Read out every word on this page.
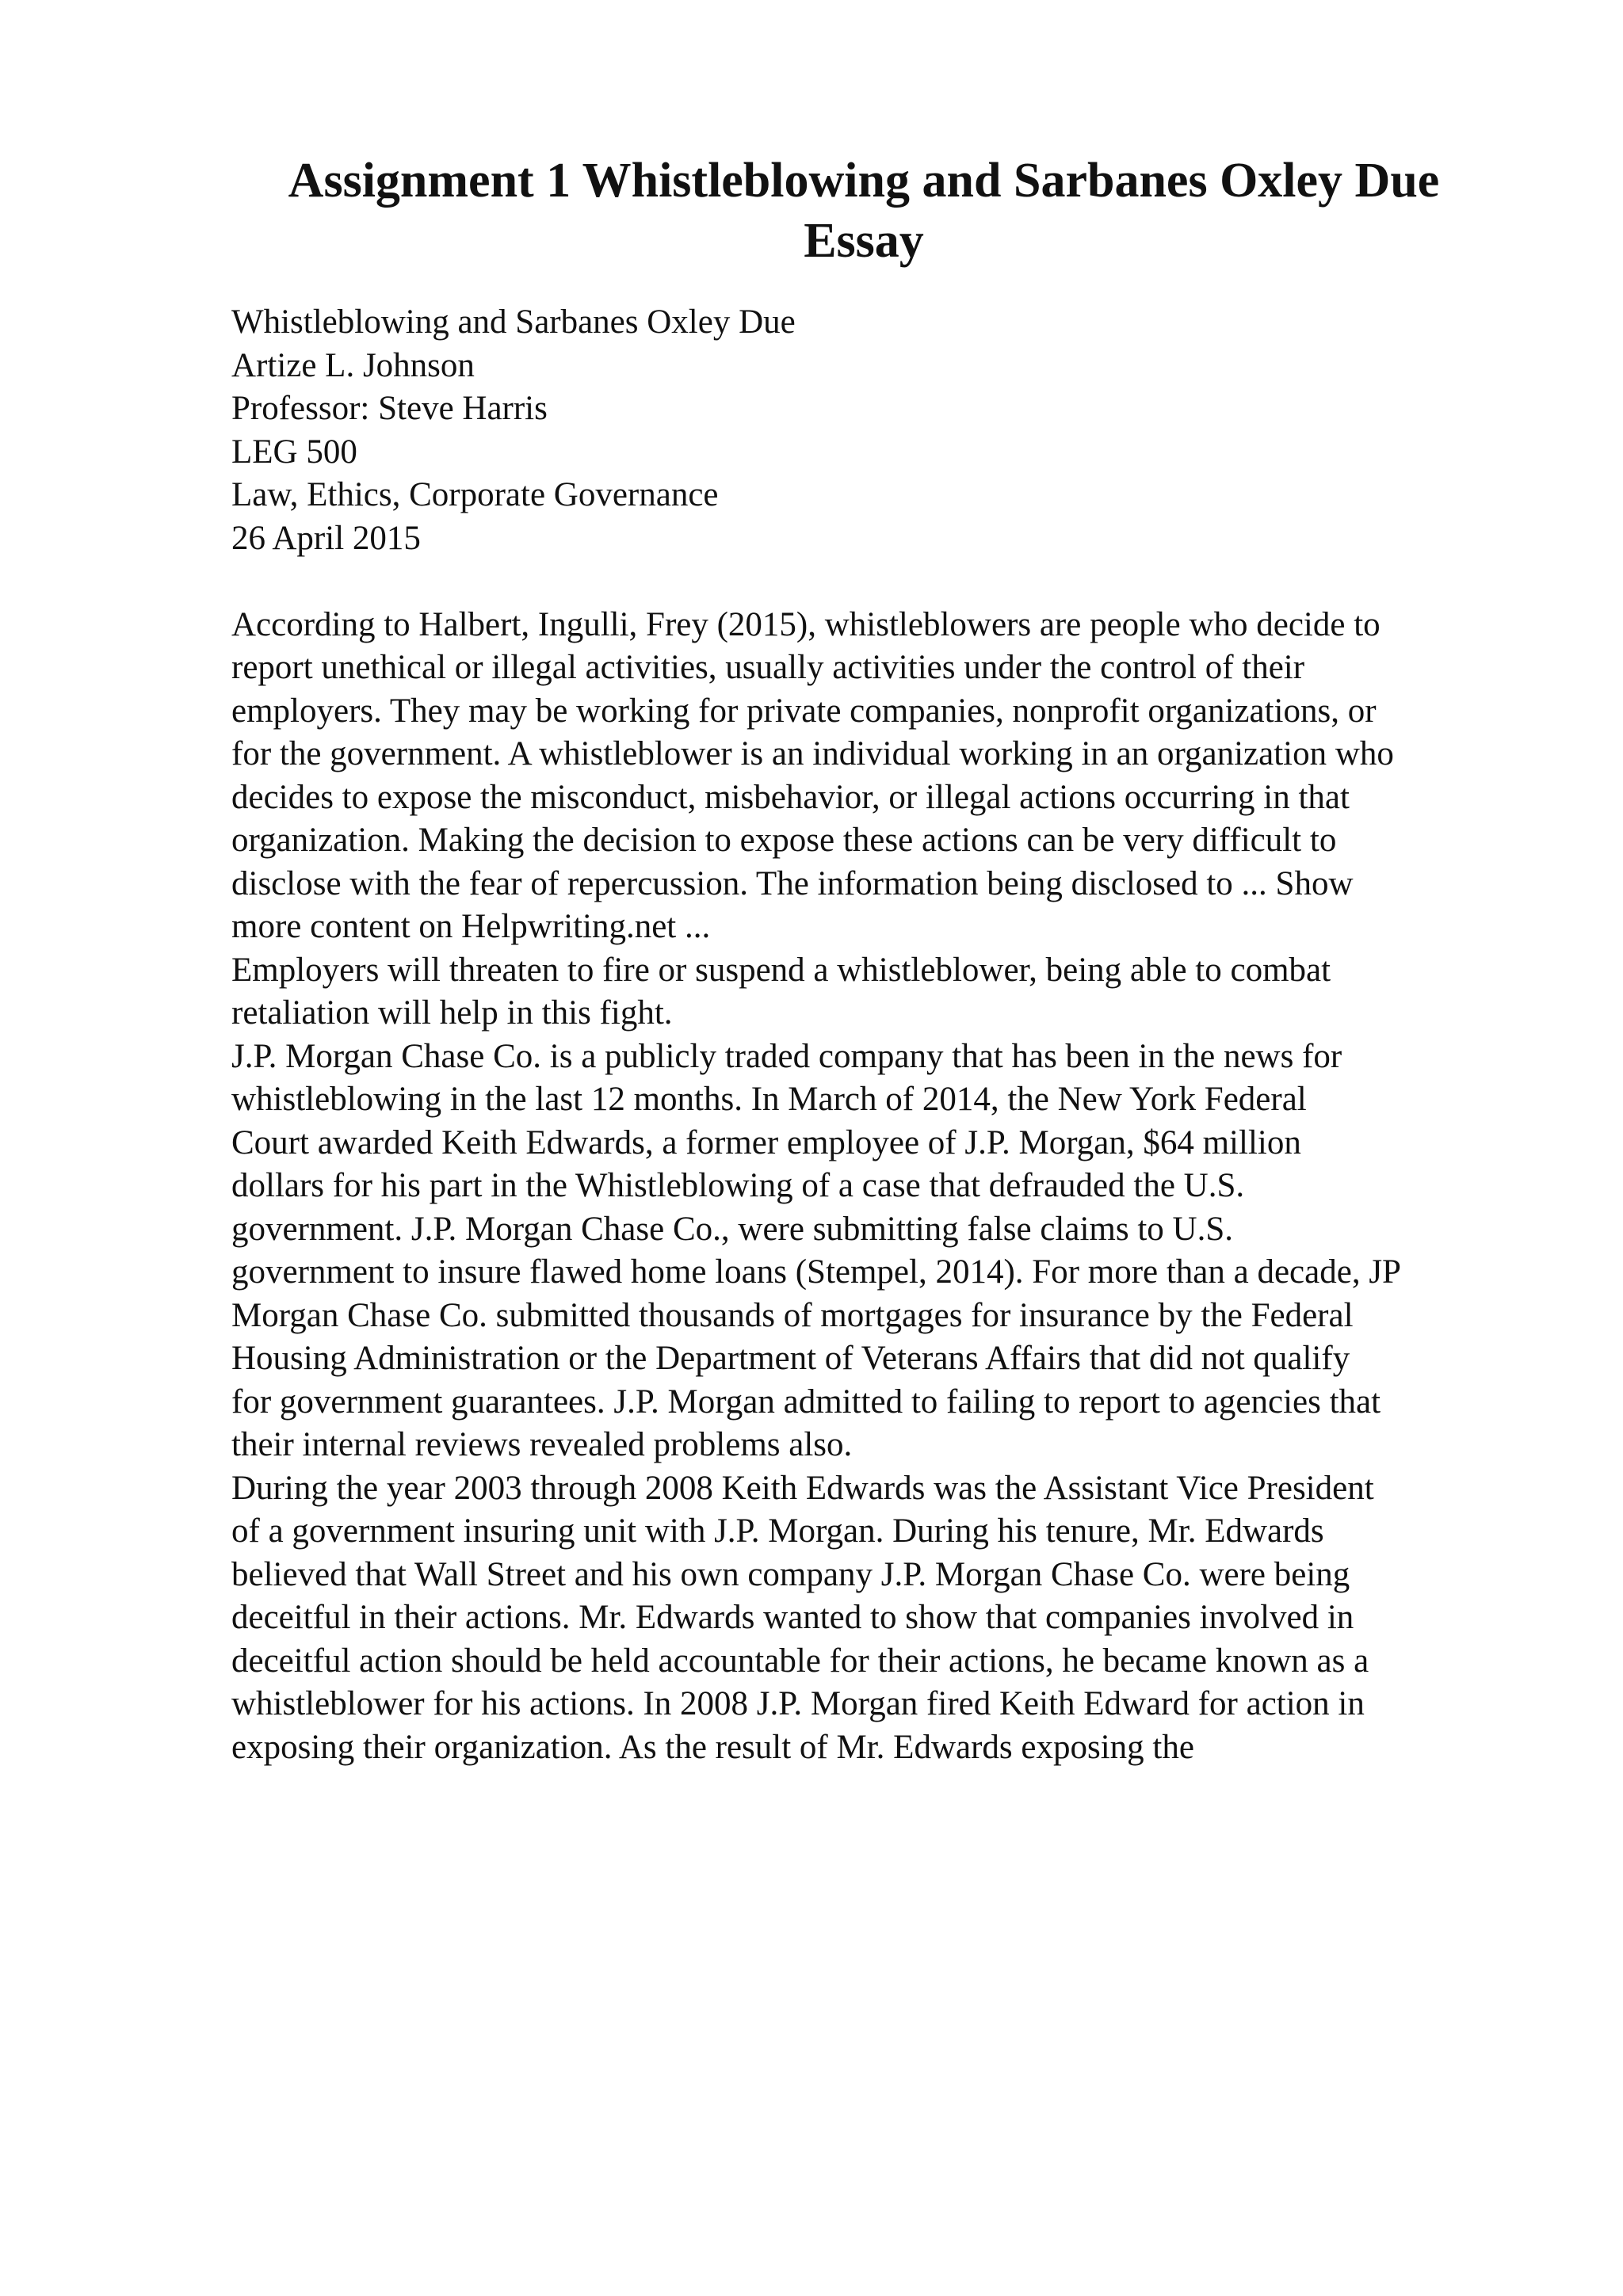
Assignment 1 Whistleblowing and Sarbanes Oxley Due
Essay
Whistleblowing and Sarbanes Oxley Due
Artize L. Johnson
Professor: Steve Harris
LEG 500
Law, Ethics, Corporate Governance
26 April 2015

According to Halbert, Ingulli, Frey (2015), whistleblowers are people who decide to
report unethical or illegal activities, usually activities under the control of their
employers. They may be working for private companies, nonprofit organizations, or
for the government. A whistleblower is an individual working in an organization who
decides to expose the misconduct, misbehavior, or illegal actions occurring in that
organization. Making the decision to expose these actions can be very difficult to
disclose with the fear of repercussion. The information being disclosed to ... Show
more content on Helpwriting.net ...

Employers will threaten to fire or suspend a whistleblower, being able to combat
retaliation will help in this fight.

J.P. Morgan Chase Co. is a publicly traded company that has been in the news for
whistleblowing in the last 12 months. In March of 2014, the New York Federal
Court awarded Keith Edwards, a former employee of J.P. Morgan, $64 million
dollars for his part in the Whistleblowing of a case that defrauded the U.S.
government. J.P. Morgan Chase Co., were submitting false claims to U.S.
government to insure flawed home loans (Stempel, 2014). For more than a decade, JP
Morgan Chase Co. submitted thousands of mortgages for insurance by the Federal
Housing Administration or the Department of Veterans Affairs that did not qualify
for government guarantees. J.P. Morgan admitted to failing to report to agencies that
their internal reviews revealed problems also.

During the year 2003 through 2008 Keith Edwards was the Assistant Vice President
of a government insuring unit with J.P. Morgan. During his tenure, Mr. Edwards
believed that Wall Street and his own company J.P. Morgan Chase Co. were being
deceitful in their actions. Mr. Edwards wanted to show that companies involved in
deceitful action should be held accountable for their actions, he became known as a
whistleblower for his actions. In 2008 J.P. Morgan fired Keith Edward for action in
exposing their organization. As the result of Mr. Edwards exposing the
